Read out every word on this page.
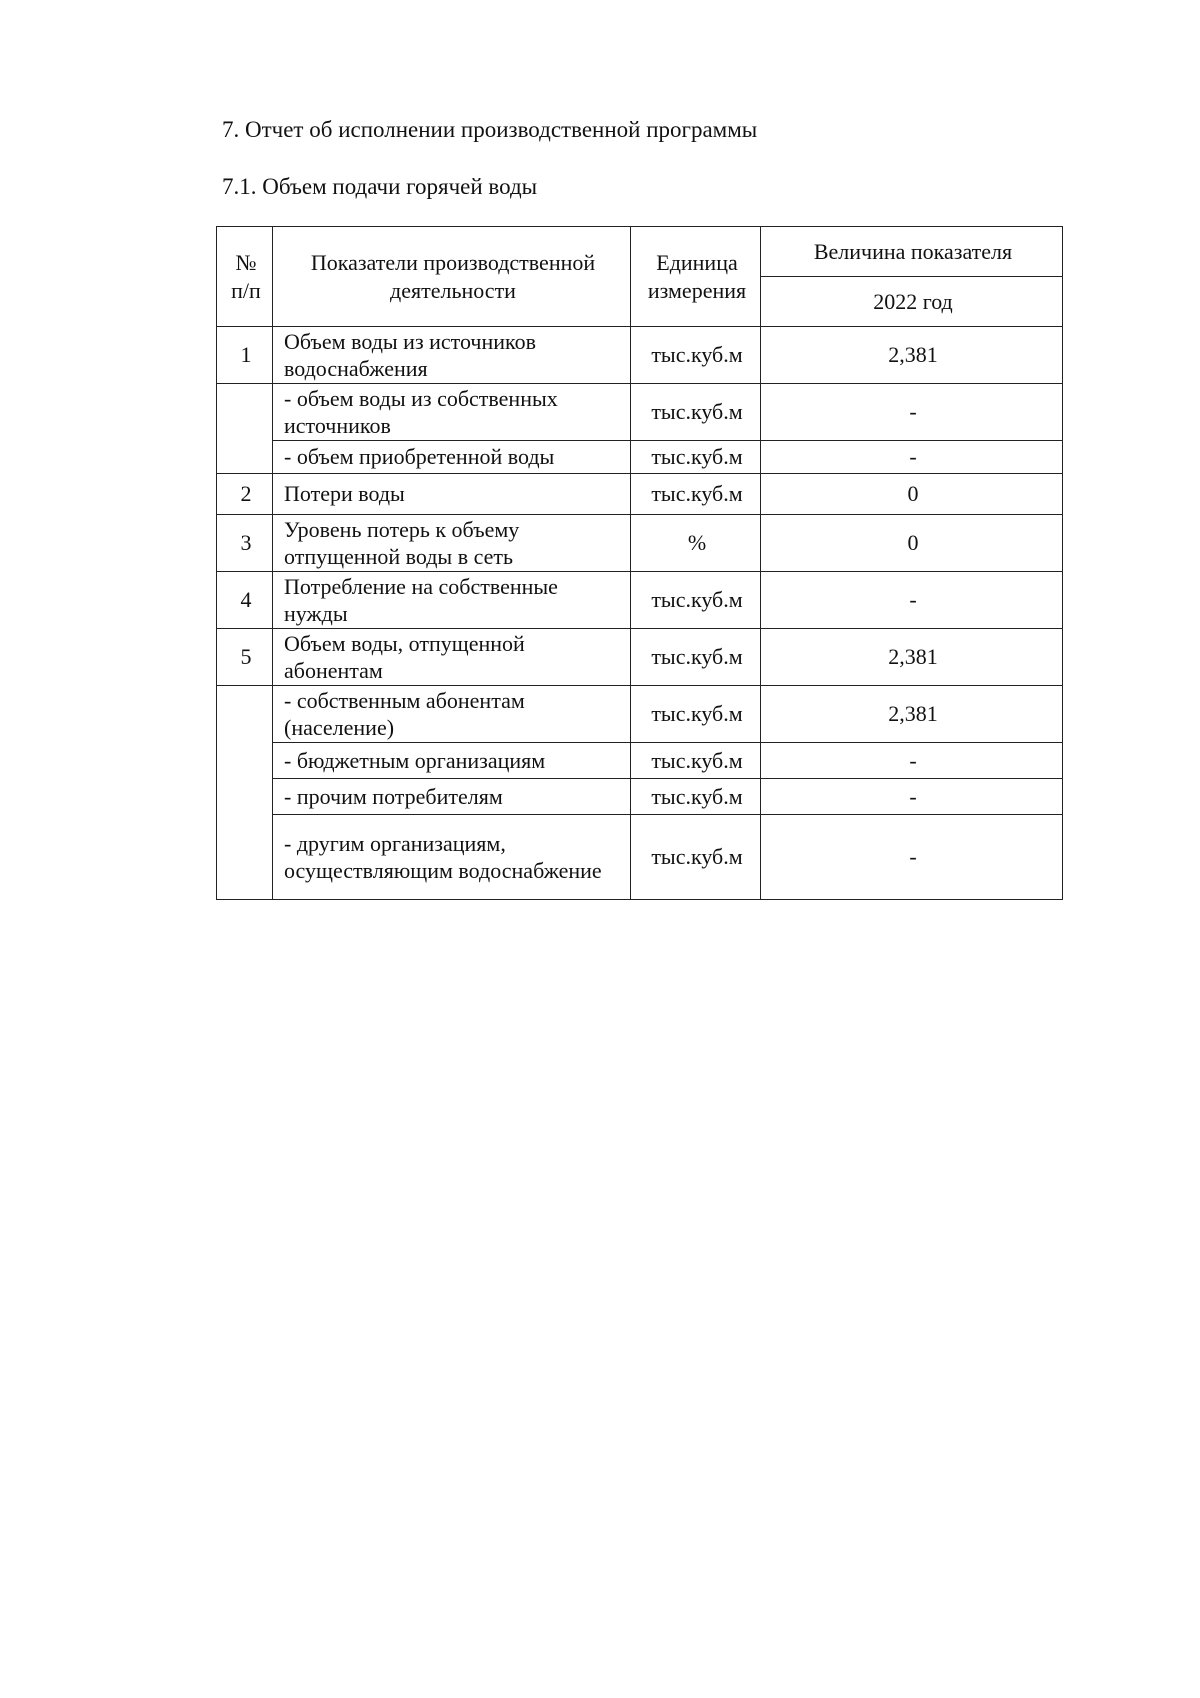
7. Отчет об исполнении производственной программы
7.1. Объем подачи горячей воды
№ п/п	Показатели производственной деятельности	Единица измерения	Величина показателя
			2022 год
1	Объем воды из источников водоснабжения	тыс.куб.м	2,381
	- объем воды из собственных источников	тыс.куб.м	-
	- объем приобретенной воды	тыс.куб.м	-
2	Потери воды	тыс.куб.м	0
3	Уровень потерь к объему отпущенной воды в сеть	%	0
4	Потребление на собственные нужды	тыс.куб.м	-
5	Объем воды, отпущенной абонентам	тыс.куб.м	2,381
	- собственным абонентам (население)	тыс.куб.м	2,381
	- бюджетным организациям	тыс.куб.м	-
	- прочим потребителям	тыс.куб.м	-
	- другим организациям, осуществляющим водоснабжение	тыс.куб.м	-
